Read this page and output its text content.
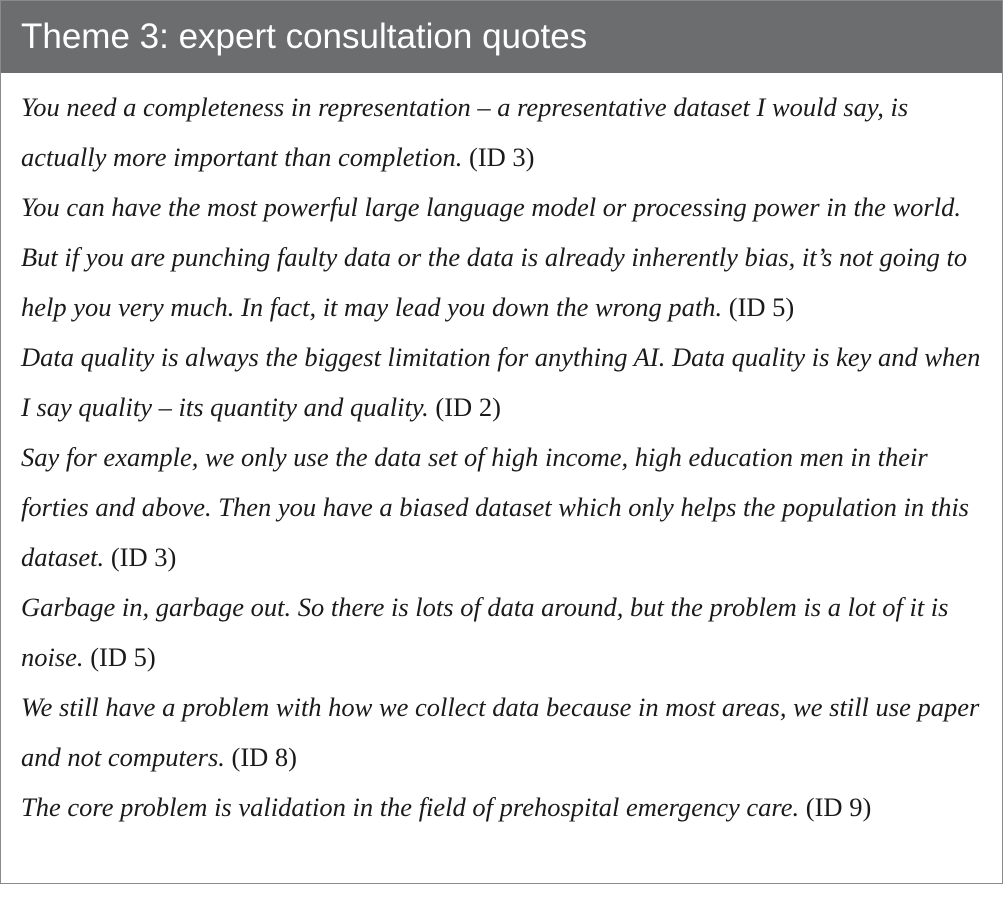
Theme 3: expert consultation quotes

You need a completeness in representation – a representative dataset I would say, is actually more important than completion. (ID 3)

You can have the most powerful large language model or processing power in the world. But if you are punching faulty data or the data is already inherently bias, it’s not going to help you very much. In fact, it may lead you down the wrong path. (ID 5)

Data quality is always the biggest limitation for anything AI. Data quality is key and when I say quality – its quantity and quality. (ID 2)

Say for example, we only use the data set of high income, high education men in their forties and above. Then you have a biased dataset which only helps the population in this dataset. (ID 3)

Garbage in, garbage out. So there is lots of data around, but the problem is a lot of it is noise. (ID 5)

We still have a problem with how we collect data because in most areas, we still use paper and not computers. (ID 8)

The core problem is validation in the field of prehospital emergency care. (ID 9)
